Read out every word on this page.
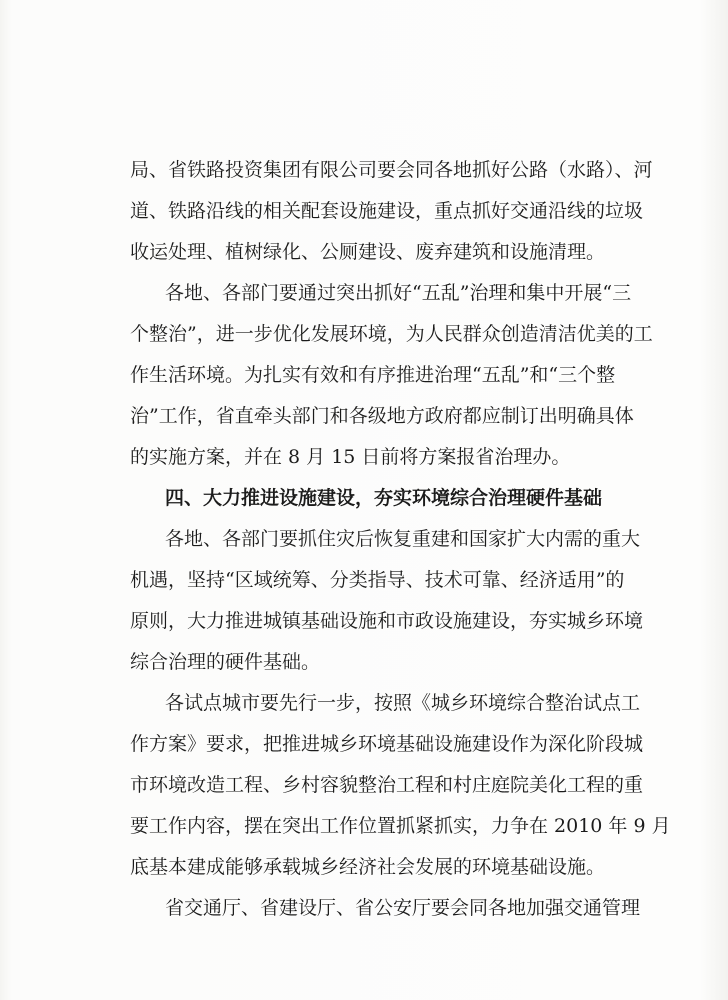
局、省铁路投资集团有限公司要会同各地抓好公路（水路）、河
道、铁路沿线的相关配套设施建设，重点抓好交通沿线的垃圾
收运处理、植树绿化、公厕建设、废弃建筑和设施清理。
各地、各部门要通过突出抓好“五乱”治理和集中开展“三
个整治”，进一步优化发展环境，为人民群众创造清洁优美的工
作生活环境。为扎实有效和有序推进治理“五乱”和“三个整
治”工作，省直牵头部门和各级地方政府都应制订出明确具体
的实施方案，并在 8 月 15 日前将方案报省治理办。
四、大力推进设施建设，夯实环境综合治理硬件基础
各地、各部门要抓住灾后恢复重建和国家扩大内需的重大
机遇，坚持“区域统筹、分类指导、技术可靠、经济适用”的
原则，大力推进城镇基础设施和市政设施建设，夯实城乡环境
综合治理的硬件基础。
各试点城市要先行一步，按照《城乡环境综合整治试点工
作方案》要求，把推进城乡环境基础设施建设作为深化阶段城
市环境改造工程、乡村容貌整治工程和村庄庭院美化工程的重
要工作内容，摆在突出工作位置抓紧抓实，力争在 2010 年 9 月
底基本建成能够承载城乡经济社会发展的环境基础设施。
省交通厅、省建设厅、省公安厅要会同各地加强交通管理
